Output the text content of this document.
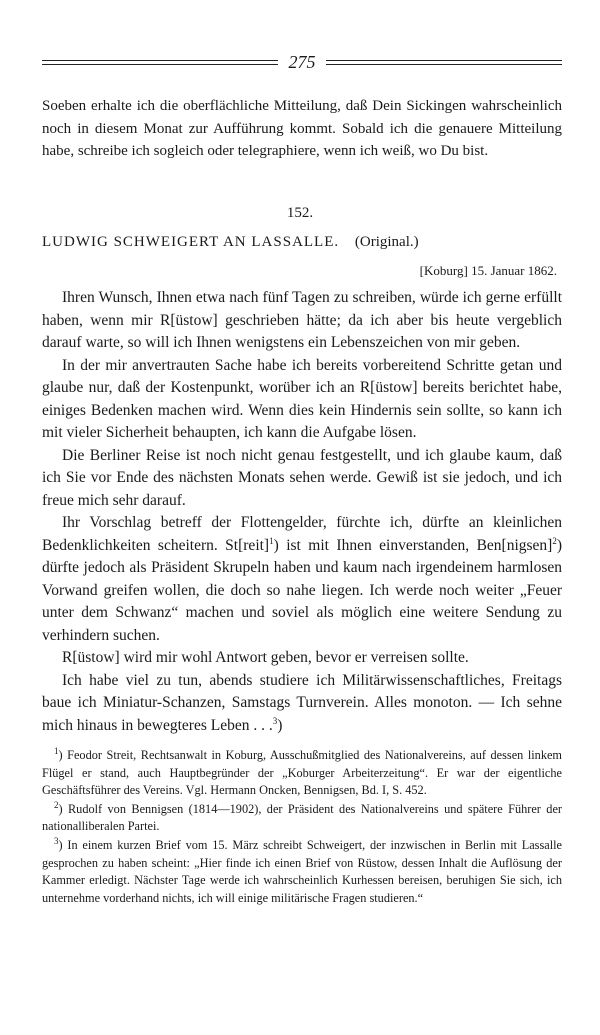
275

Soeben erhalte ich die oberflächliche Mitteilung, daß Dein Sickingen wahrscheinlich noch in diesem Monat zur Aufführung kommt. Sobald ich die genauere Mitteilung habe, schreibe ich sogleich oder telegraphiere, wenn ich weiß, wo Du bist.

152.
LUDWIG SCHWEIGERT AN LASSALLE. (Original.)
[Koburg] 15. Januar 1862.

Ihren Wunsch, Ihnen etwa nach fünf Tagen zu schreiben, würde ich gerne erfüllt haben, wenn mir R[üstow] geschrieben hätte; da ich aber bis heute vergeblich darauf warte, so will ich Ihnen wenigstens ein Lebenszeichen von mir geben.

In der mir anvertrauten Sache habe ich bereits vorbereitend Schritte getan und glaube nur, daß der Kostenpunkt, worüber ich an R[üstow] bereits berichtet habe, einiges Bedenken machen wird. Wenn dies kein Hindernis sein sollte, so kann ich mit vieler Sicherheit behaupten, ich kann die Aufgabe lösen.

Die Berliner Reise ist noch nicht genau festgestellt, und ich glaube kaum, daß ich Sie vor Ende des nächsten Monats sehen werde. Gewiß ist sie jedoch, und ich freue mich sehr darauf.

Ihr Vorschlag betreff der Flottengelder, fürchte ich, dürfte an kleinlichen Bedenklichkeiten scheitern. St[reit]$^1$) ist mit Ihnen einverstanden, Ben[nigsen]$^2$) dürfte jedoch als Präsident Skrupeln haben und kaum nach irgendeinem harmlosen Vorwand greifen wollen, die doch so nahe liegen. Ich werde noch weiter „Feuer unter dem Schwanz“ machen und soviel als möglich eine weitere Sendung zu verhindern suchen.

R[üstow] wird mir wohl Antwort geben, bevor er verreisen sollte.

Ich habe viel zu tun, abends studiere ich Militärwissenschaftliches, Freitags baue ich Miniatur-Schanzen, Samstags Turnverein. Alles monoton. — Ich sehne mich hinaus in bewegteres Leben . . .$^3$)

$^1$) Feodor Streit, Rechtsanwalt in Koburg, Ausschußmitglied des Nationalvereins, auf dessen linkem Flügel er stand, auch Hauptbegründer der „Koburger Arbeiterzeitung“. Er war der eigentliche Geschäftsführer des Vereins. Vgl. Hermann Oncken, Bennigsen, Bd. I, S. 452.

$^2$) Rudolf von Bennigsen (1814—1902), der Präsident des Nationalvereins und spätere Führer der nationalliberalen Partei.

$^3$) In einem kurzen Brief vom 15. März schreibt Schweigert, der inzwischen in Berlin mit Lassalle gesprochen zu haben scheint: „Hier finde ich einen Brief von Rüstow, dessen Inhalt die Auflösung der Kammer erledigt. Nächster Tage werde ich wahrscheinlich Kurhessen bereisen, beruhigen Sie sich, ich unternehme vorderhand nichts, ich will einige militärische Fragen studieren.“
